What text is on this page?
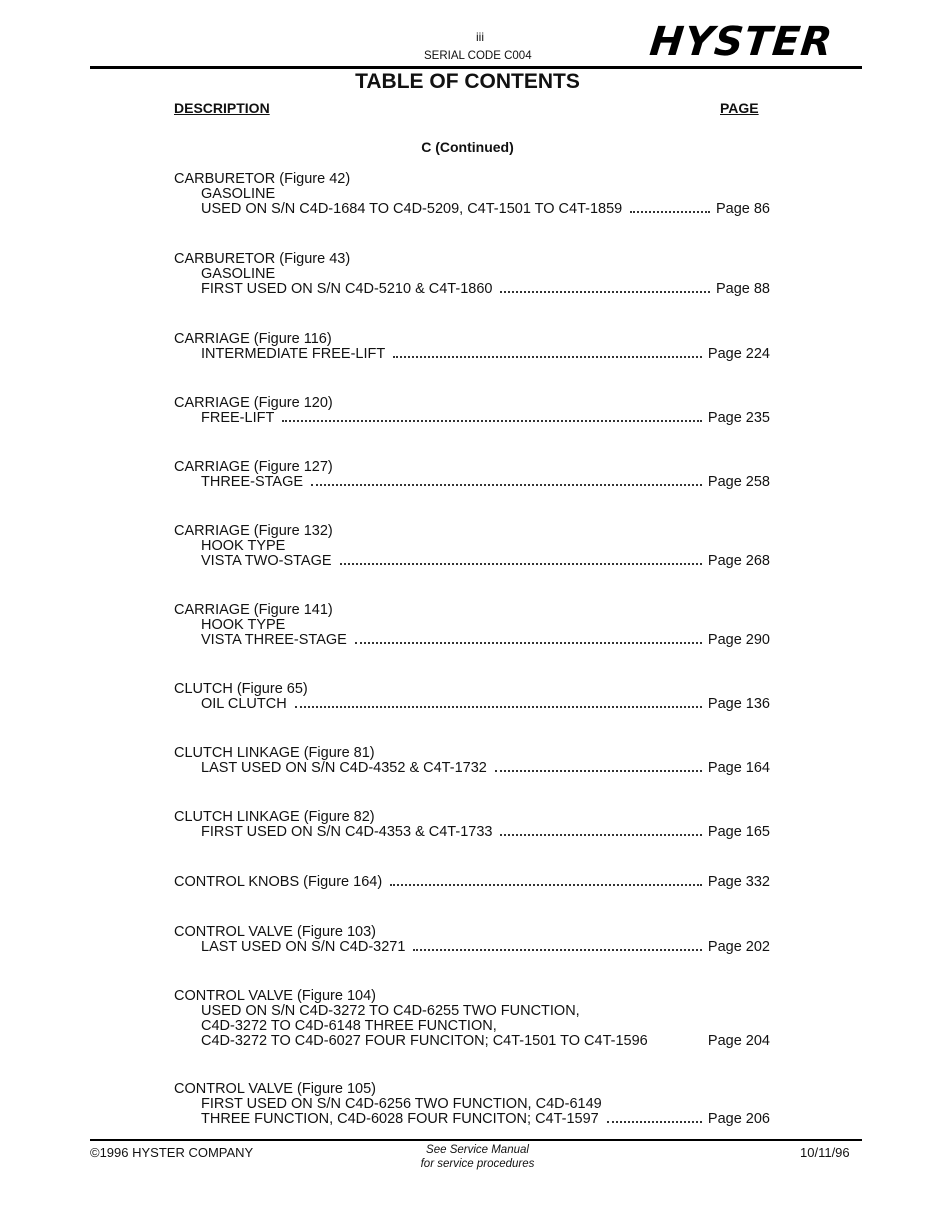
iii
SERIAL CODE C004	HYSTER
TABLE OF CONTENTS
DESCRIPTION	PAGE
C (Continued)
CARBURETOR (Figure 42)
GASOLINE
USED ON S/N C4D-1684 TO C4D-5209, C4T-1501 TO C4T-1859	Page 86
CARBURETOR (Figure 43)
GASOLINE
FIRST USED ON S/N C4D-5210 & C4T-1860	Page 88
CARRIAGE (Figure 116)
INTERMEDIATE FREE-LIFT	Page 224
CARRIAGE (Figure 120)
FREE-LIFT	Page 235
CARRIAGE (Figure 127)
THREE-STAGE	Page 258
CARRIAGE (Figure 132)
HOOK TYPE
VISTA TWO-STAGE	Page 268
CARRIAGE (Figure 141)
HOOK TYPE
VISTA THREE-STAGE	Page 290
CLUTCH (Figure 65)
OIL CLUTCH	Page 136
CLUTCH LINKAGE (Figure 81)
LAST USED ON S/N C4D-4352 & C4T-1732	Page 164
CLUTCH LINKAGE (Figure 82)
FIRST USED ON S/N C4D-4353 & C4T-1733	Page 165
CONTROL KNOBS (Figure 164)	Page 332
CONTROL VALVE (Figure 103)
LAST USED ON S/N C4D-3271	Page 202
CONTROL VALVE (Figure 104)
USED ON S/N C4D-3272 TO C4D-6255 TWO FUNCTION,
C4D-3272 TO C4D-6148 THREE FUNCTION,
C4D-3272 TO C4D-6027 FOUR FUNCITON; C4T-1501 TO C4T-1596	Page 204
CONTROL VALVE (Figure 105)
FIRST USED ON S/N C4D-6256 TWO FUNCTION, C4D-6149
THREE FUNCTION, C4D-6028 FOUR FUNCITON; C4T-1597	Page 206
©1996 HYSTER COMPANY	See Service Manual
for service procedures
10/11/96
